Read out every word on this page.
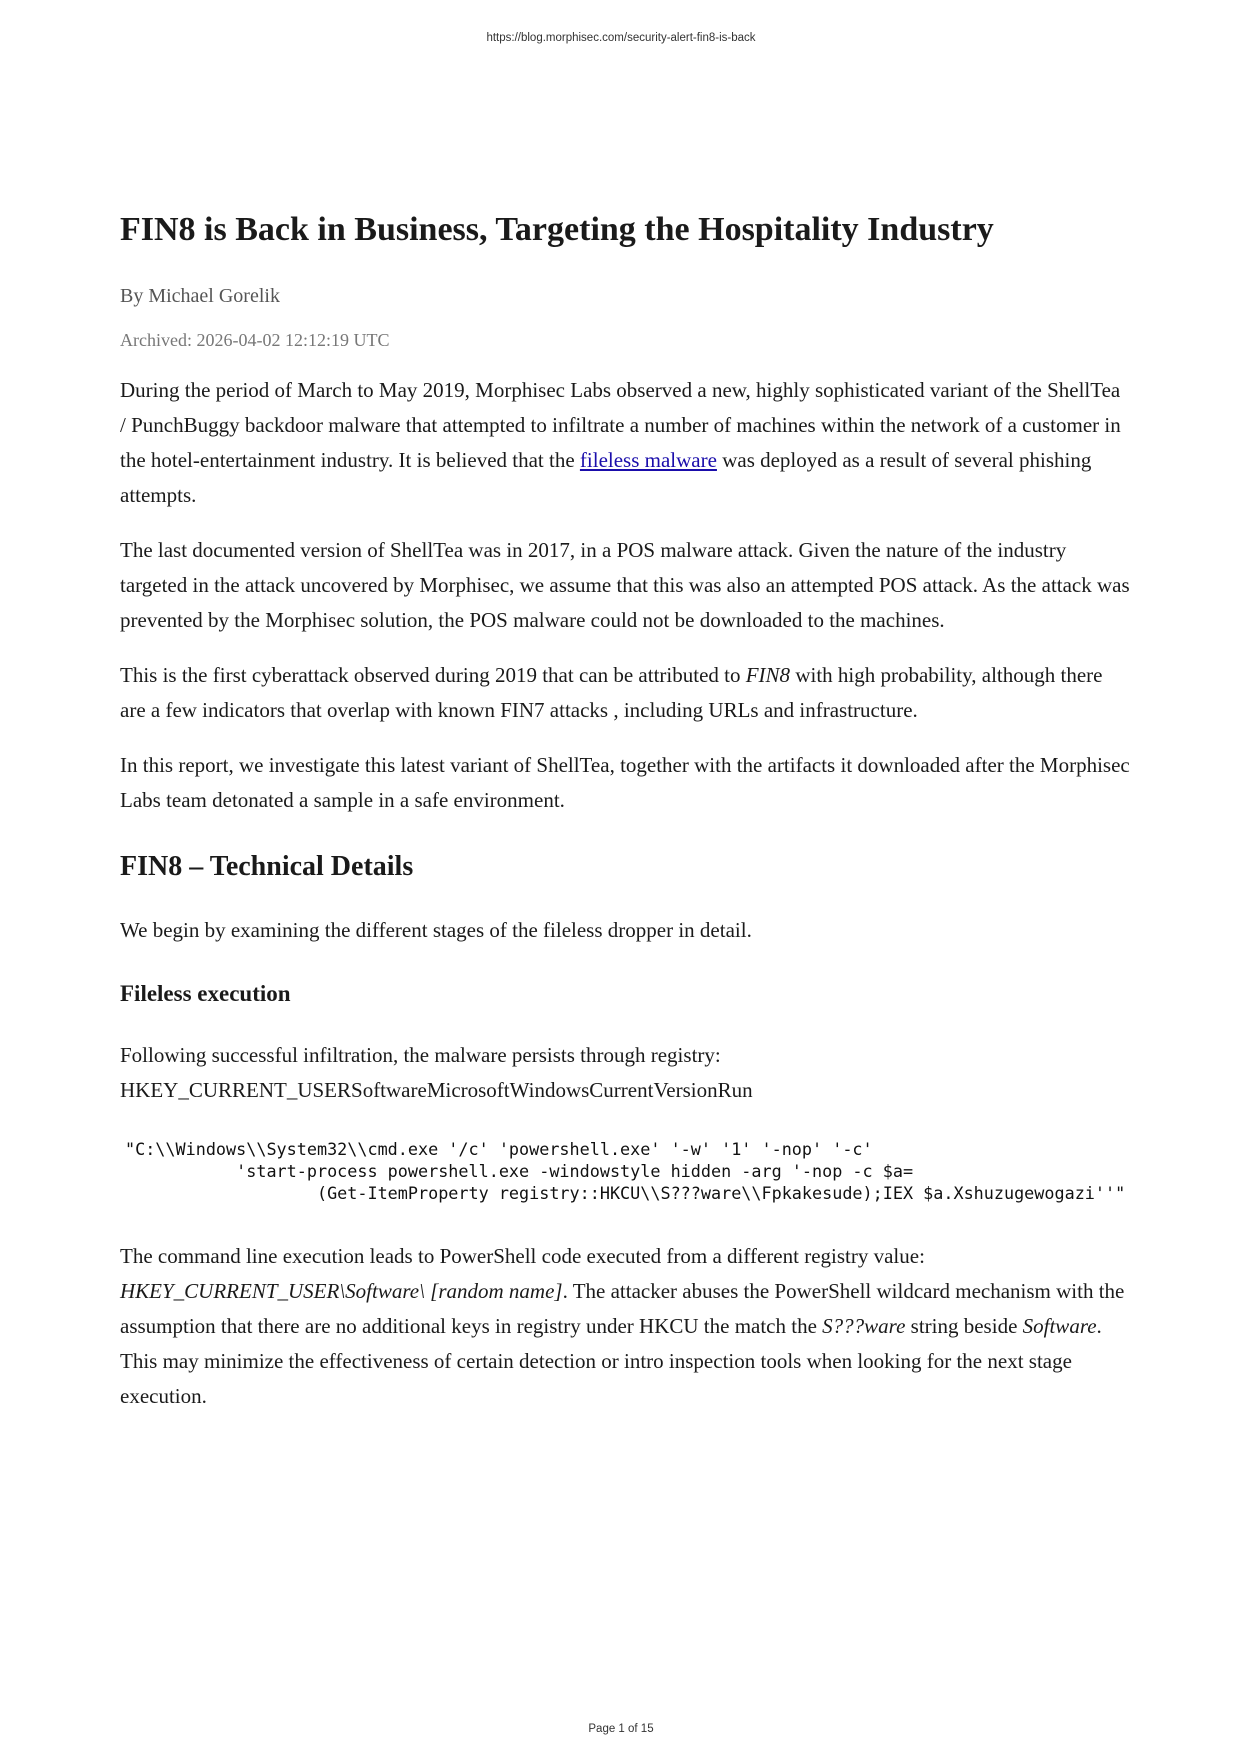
https://blog.morphisec.com/security-alert-fin8-is-back
FIN8 is Back in Business, Targeting the Hospitality Industry
By Michael Gorelik
Archived: 2026-04-02 12:12:19 UTC

During the period of March to May 2019, Morphisec Labs observed a new, highly sophisticated variant of the ShellTea / PunchBuggy backdoor malware that attempted to infiltrate a number of machines within the network of a customer in the hotel-entertainment industry. It is believed that the fileless malware was deployed as a result of several phishing attempts.

The last documented version of ShellTea was in 2017, in a POS malware attack. Given the nature of the industry targeted in the attack uncovered by Morphisec, we assume that this was also an attempted POS attack. As the attack was prevented by the Morphisec solution, the POS malware could not be downloaded to the machines.

This is the first cyberattack observed during 2019 that can be attributed to FIN8 with high probability, although there are a few indicators that overlap with known FIN7 attacks , including URLs and infrastructure.

In this report, we investigate this latest variant of ShellTea, together with the artifacts it downloaded after the Morphisec Labs team detonated a sample in a safe environment.

FIN8 – Technical Details

We begin by examining the different stages of the fileless dropper in detail.

Fileless execution

Following successful infiltration, the malware persists through registry:
HKEY_CURRENT_USERSoftwareMicrosoftWindowsCurrentVersionRun

"C:\\Windows\\System32\\cmd.exe '/c' 'powershell.exe' '-w' '1' '-nop' '-c'
'start-process powershell.exe -windowstyle hidden -arg '-nop -c $a=
(Get-ItemProperty registry::HKCU\\S???ware\\Fpkakesude);IEX $a.Xshuzugewogazi''"

The command line execution leads to PowerShell code executed from a different registry value: HKEY_CURRENT_USER\Software\ [random name]. The attacker abuses the PowerShell wildcard mechanism with the assumption that there are no additional keys in registry under HKCU the match the S???ware string beside Software. This may minimize the effectiveness of certain detection or intro inspection tools when looking for the next stage execution.

Page 1 of 15
